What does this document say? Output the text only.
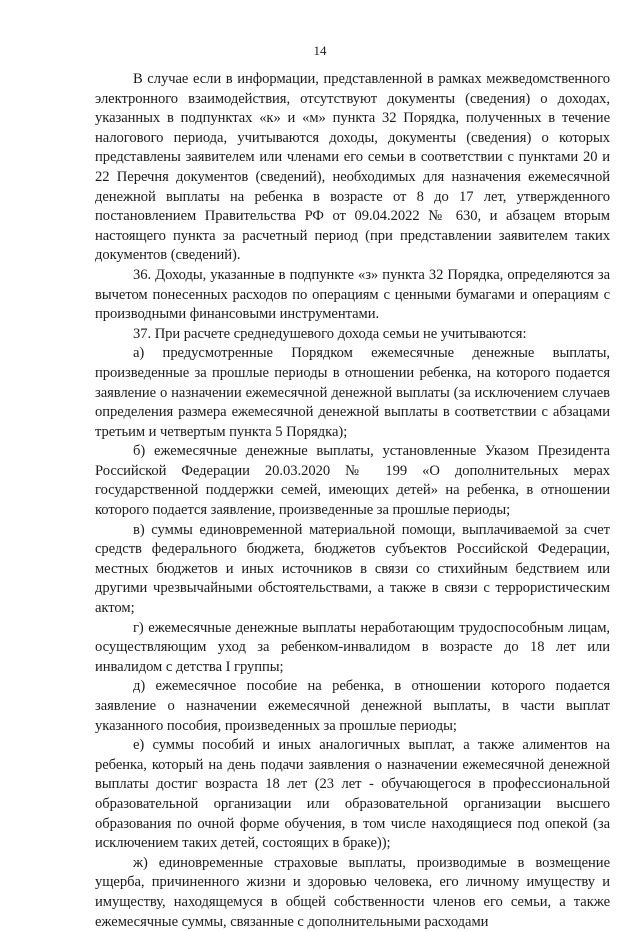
14

В случае если в информации, представленной в рамках межведомственного электронного взаимодействия, отсутствуют документы (сведения) о доходах, указанных в подпунктах «к» и «м» пункта 32 Порядка, полученных в течение налогового периода, учитываются доходы, документы (сведения) о которых представлены заявителем или членами его семьи в соответствии с пунктами 20 и 22 Перечня документов (сведений), необходимых для назначения ежемесячной денежной выплаты на ребенка в возрасте от 8 до 17 лет, утвержденного постановлением Правительства РФ от 09.04.2022 № 630, и абзацем вторым настоящего пункта за расчетный период (при представлении заявителем таких документов (сведений).

36. Доходы, указанные в подпункте «з» пункта 32 Порядка, определяются за вычетом понесенных расходов по операциям с ценными бумагами и операциям с производными финансовыми инструментами.

37. При расчете среднедушевого дохода семьи не учитываются:

а) предусмотренные Порядком ежемесячные денежные выплаты, произведенные за прошлые периоды в отношении ребенка, на которого подается заявление о назначении ежемесячной денежной выплаты (за исключением случаев определения размера ежемесячной денежной выплаты в соответствии с абзацами третьим и четвертым пункта 5 Порядка);

б) ежемесячные денежные выплаты, установленные Указом Президента Российской Федерации 20.03.2020 № 199 «О дополнительных мерах государственной поддержки семей, имеющих детей» на ребенка, в отношении которого подается заявление, произведенные за прошлые периоды;

в) суммы единовременной материальной помощи, выплачиваемой за счет средств федерального бюджета, бюджетов субъектов Российской Федерации, местных бюджетов и иных источников в связи со стихийным бедствием или другими чрезвычайными обстоятельствами, а также в связи с террористическим актом;

г) ежемесячные денежные выплаты неработающим трудоспособным лицам, осуществляющим уход за ребенком-инвалидом в возрасте до 18 лет или инвалидом с детства I группы;

д) ежемесячное пособие на ребенка, в отношении которого подается заявление о назначении ежемесячной денежной выплаты, в части выплат указанного пособия, произведенных за прошлые периоды;

е) суммы пособий и иных аналогичных выплат, а также алиментов на ребенка, который на день подачи заявления о назначении ежемесячной денежной выплаты достиг возраста 18 лет (23 лет - обучающегося в профессиональной образовательной организации или образовательной организации высшего образования по очной форме обучения, в том числе находящиеся под опекой (за исключением таких детей, состоящих в браке));

ж) единовременные страховые выплаты, производимые в возмещение ущерба, причиненного жизни и здоровью человека, его личному имуществу и имуществу, находящемуся в общей собственности членов его семьи, а также ежемесячные суммы, связанные с дополнительными расходами
